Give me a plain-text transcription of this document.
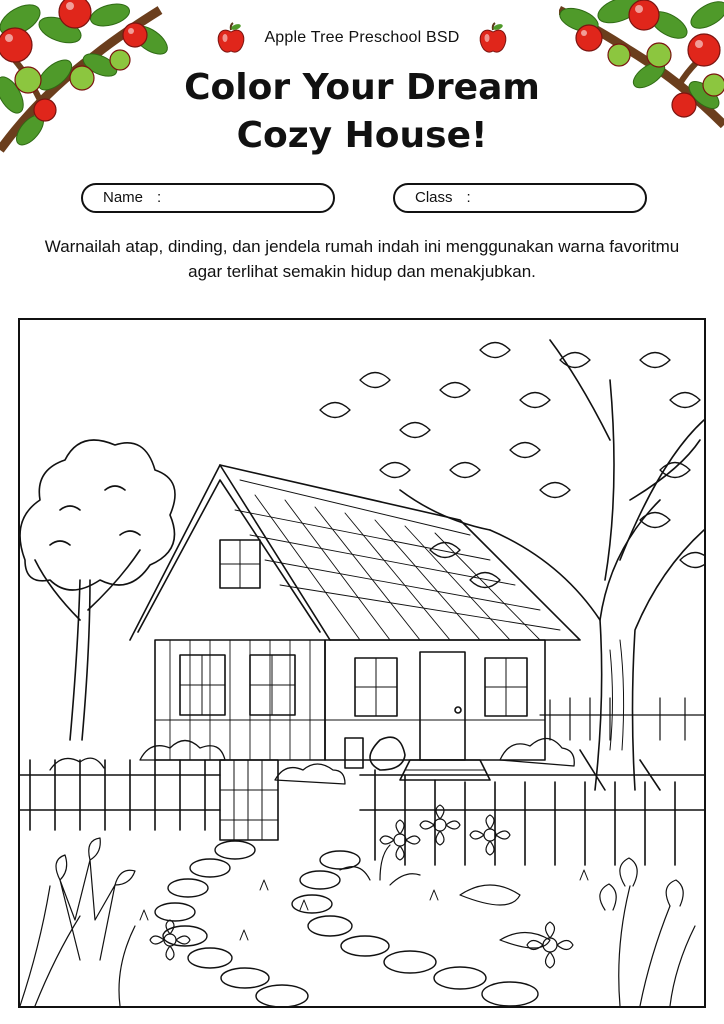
Apple Tree Preschool BSD
Color Your Dream
Cozy House!
Name :	Class :
Warnailah atap, dinding, dan jendela rumah indah ini menggunakan warna favoritmu agar terlihat semakin hidup dan menakjubkan.
